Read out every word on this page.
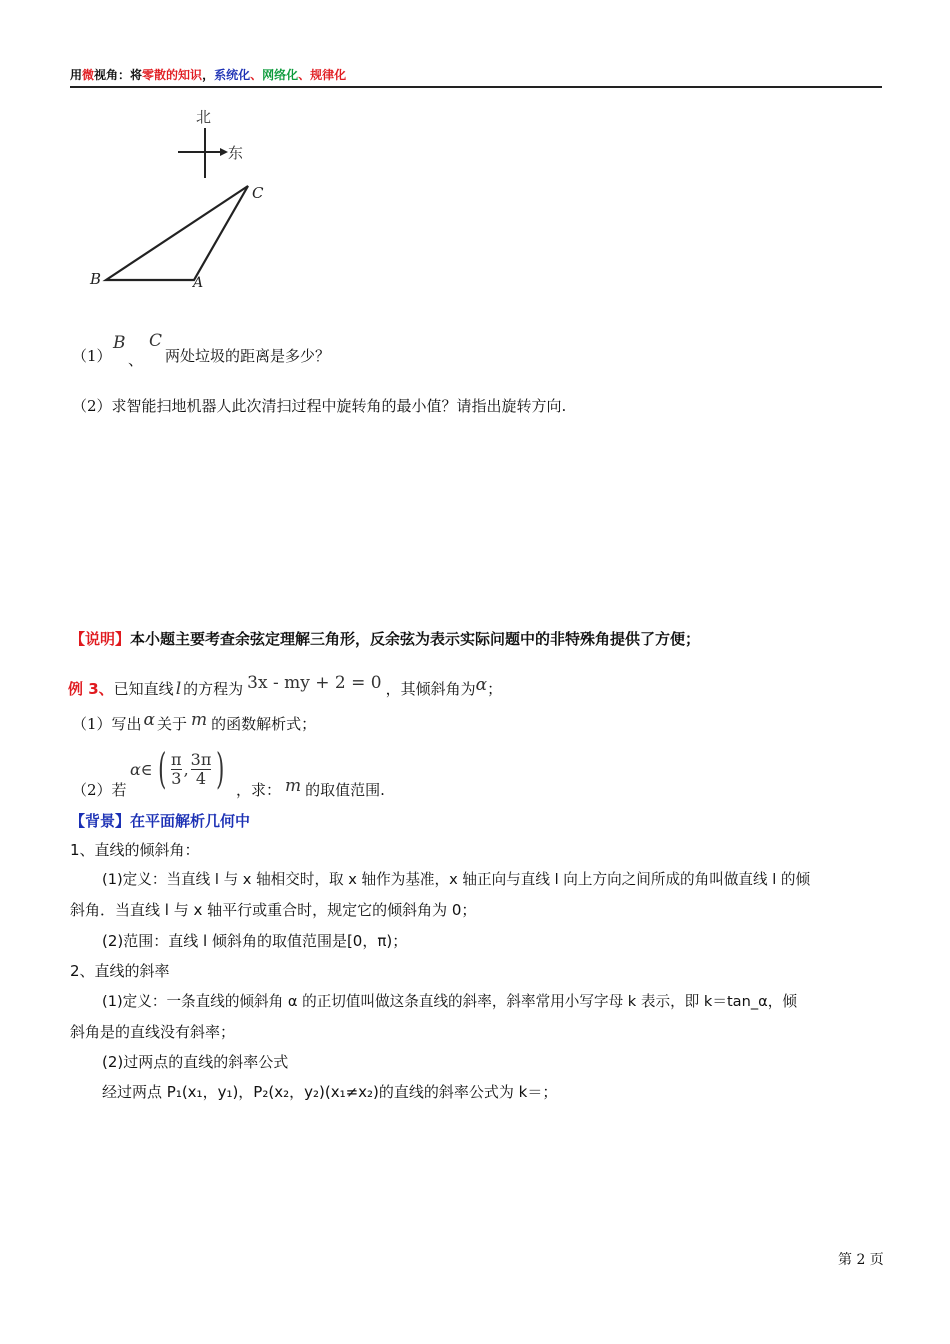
用微视角：将零散的知识，系统化、网络化、规律化
北
东
B	A
C
（1）
B
、
C
两处垃圾的距离是多少？
（2）求智能扫地机器人此次清扫过程中旋转角的最小值？请指出旋转方向.
【说明】本小题主要考查余弦定理解三角形，反余弦为表示实际问题中的非特殊角提供了方便；
例 3、已知直线 l 的方程为 3x - my + 2 = 0 ，其倾斜角为α；
（1）写出 α 关于 m 的函数解析式；
（2）若
α∈ ( $\frac{\pi}{3}$ , $\frac{3\pi}{4}$ ) ，求： m 的取值范围.
【背景】在平面解析几何中
1、直线的倾斜角：
(1)定义：当直线 l 与 x 轴相交时，取 x 轴作为基准，x 轴正向与直线 l 向上方向之间所成的角叫做直线 l 的倾
斜角．当直线 l 与 x 轴平行或重合时，规定它的倾斜角为 0；
(2)范围：直线 l 倾斜角的取值范围是[0，π)；
2、直线的斜率
(1)定义：一条直线的倾斜角 α 的正切值叫做这条直线的斜率，斜率常用小写字母 k 表示，即 k＝tan_α，倾
斜角是的直线没有斜率；
(2)过两点的直线的斜率公式
经过两点 P₁(x₁，y₁)，P₂(x₂，y₂)(x₁≠x₂)的直线的斜率公式为 k＝；
第 2 页
